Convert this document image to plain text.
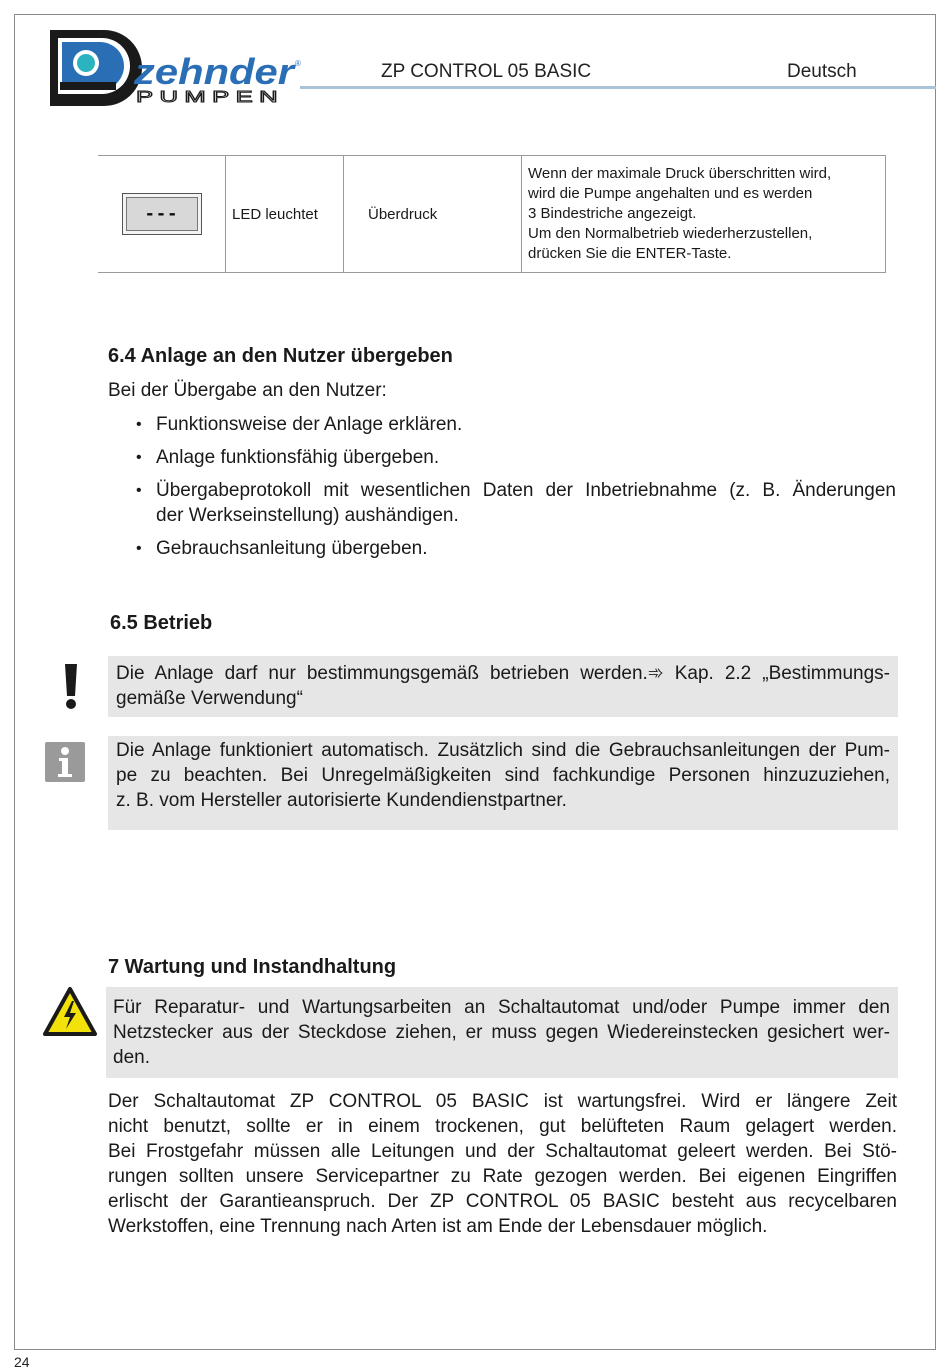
zehnder
®
PUMPEN
ZP CONTROL 05 BASIC	Deutsch
---	LED leuchtet	Überdruck	
Wenn der maximale Druck überschritten wird,
wird die Pumpe angehalten und es werden
3 Bindestriche angezeigt.
Um den Normalbetrieb wiederherzustellen,
drücken Sie die ENTER-Taste.
6.4 Anlage an den Nutzer übergeben
Bei der Übergabe an den Nutzer:
• Funktionsweise der Anlage erklären.
• Anlage funktionsfähig übergeben.
• Übergabeprotokoll mit wesentlichen Daten der Inbetriebnahme (z. B. Änderungen
der Werkseinstellung) aushändigen.
• Gebrauchsanleitung übergeben.
6.5 Betrieb
Die Anlage darf nur bestimmungsgemäß betrieben werden.➾ Kap. 2.2 „Bestimmungs-
gemäße Verwendung“
Die Anlage funktioniert automatisch. Zusätzlich sind die Gebrauchsanleitungen der Pum-
pe zu beachten. Bei Unregelmäßigkeiten sind fachkundige Personen hinzuzuziehen,
z. B. vom Hersteller autorisierte Kundendienstpartner.
7 Wartung und Instandhaltung
Für Reparatur- und Wartungsarbeiten an Schaltautomat und/oder Pumpe immer den
Netzstecker aus der Steckdose ziehen, er muss gegen Wiedereinstecken gesichert wer-
den.
Der Schaltautomat ZP CONTROL 05 BASIC ist wartungsfrei. Wird er längere Zeit
nicht benutzt, sollte er in einem trockenen, gut belüfteten Raum gelagert werden.
Bei Frostgefahr müssen alle Leitungen und der Schaltautomat geleert werden. Bei Stö-
rungen sollten unsere Servicepartner zu Rate gezogen werden. Bei eigenen Eingriffen
erlischt der Garantieanspruch. Der ZP CONTROL 05 BASIC besteht aus recycelbaren
Werkstoffen, eine Trennung nach Arten ist am Ende der Lebensdauer möglich.
24
